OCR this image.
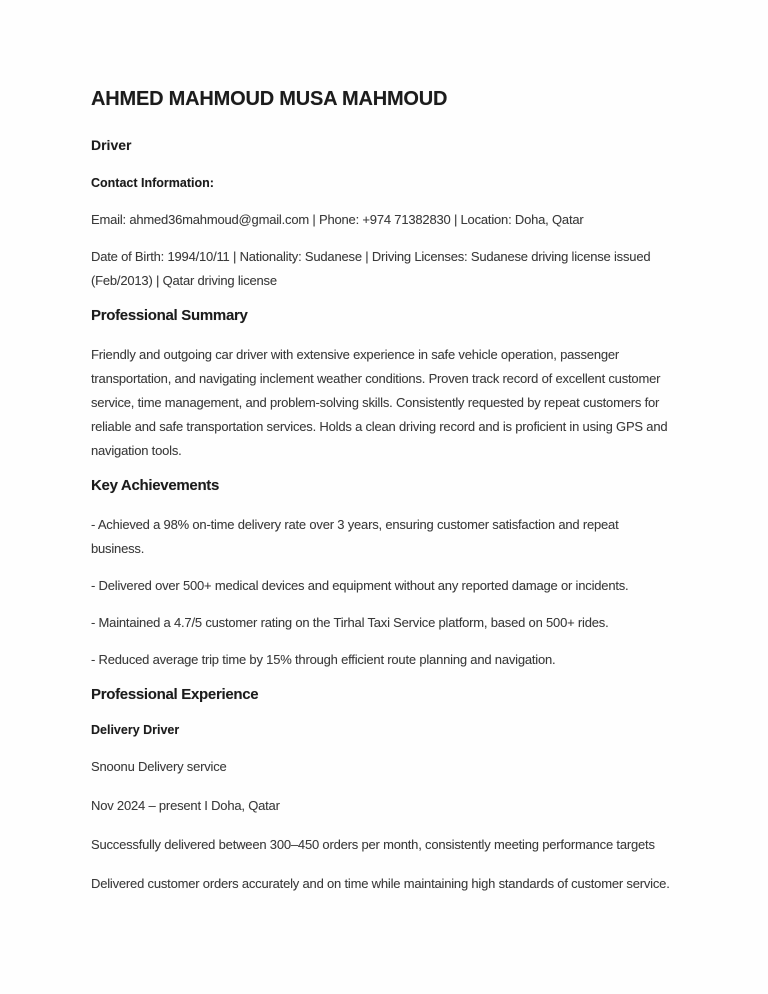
AHMED MAHMOUD MUSA MAHMOUD
Driver
Contact Information:

Email: ahmed36mahmoud@gmail.com | Phone: +974 71382830 | Location: Doha, Qatar

Date of Birth: 1994/10/11 | Nationality: Sudanese | Driving Licenses: Sudanese driving license issued (Feb/2013) | Qatar driving license

Professional Summary

Friendly and outgoing car driver with extensive experience in safe vehicle operation, passenger transportation, and navigating inclement weather conditions. Proven track record of excellent customer service, time management, and problem-solving skills. Consistently requested by repeat customers for reliable and safe transportation services. Holds a clean driving record and is proficient in using GPS and navigation tools.

Key Achievements

- Achieved a 98% on-time delivery rate over 3 years, ensuring customer satisfaction and repeat business.

- Delivered over 500+ medical devices and equipment without any reported damage or incidents.

- Maintained a 4.7/5 customer rating on the Tirhal Taxi Service platform, based on 500+ rides.

- Reduced average trip time by 15% through efficient route planning and navigation.

Professional Experience
Delivery Driver

Snoonu Delivery service

Nov 2024 – present I Doha, Qatar

Successfully delivered between 300–450 orders per month, consistently meeting performance targets

Delivered customer orders accurately and on time while maintaining high standards of customer service.
